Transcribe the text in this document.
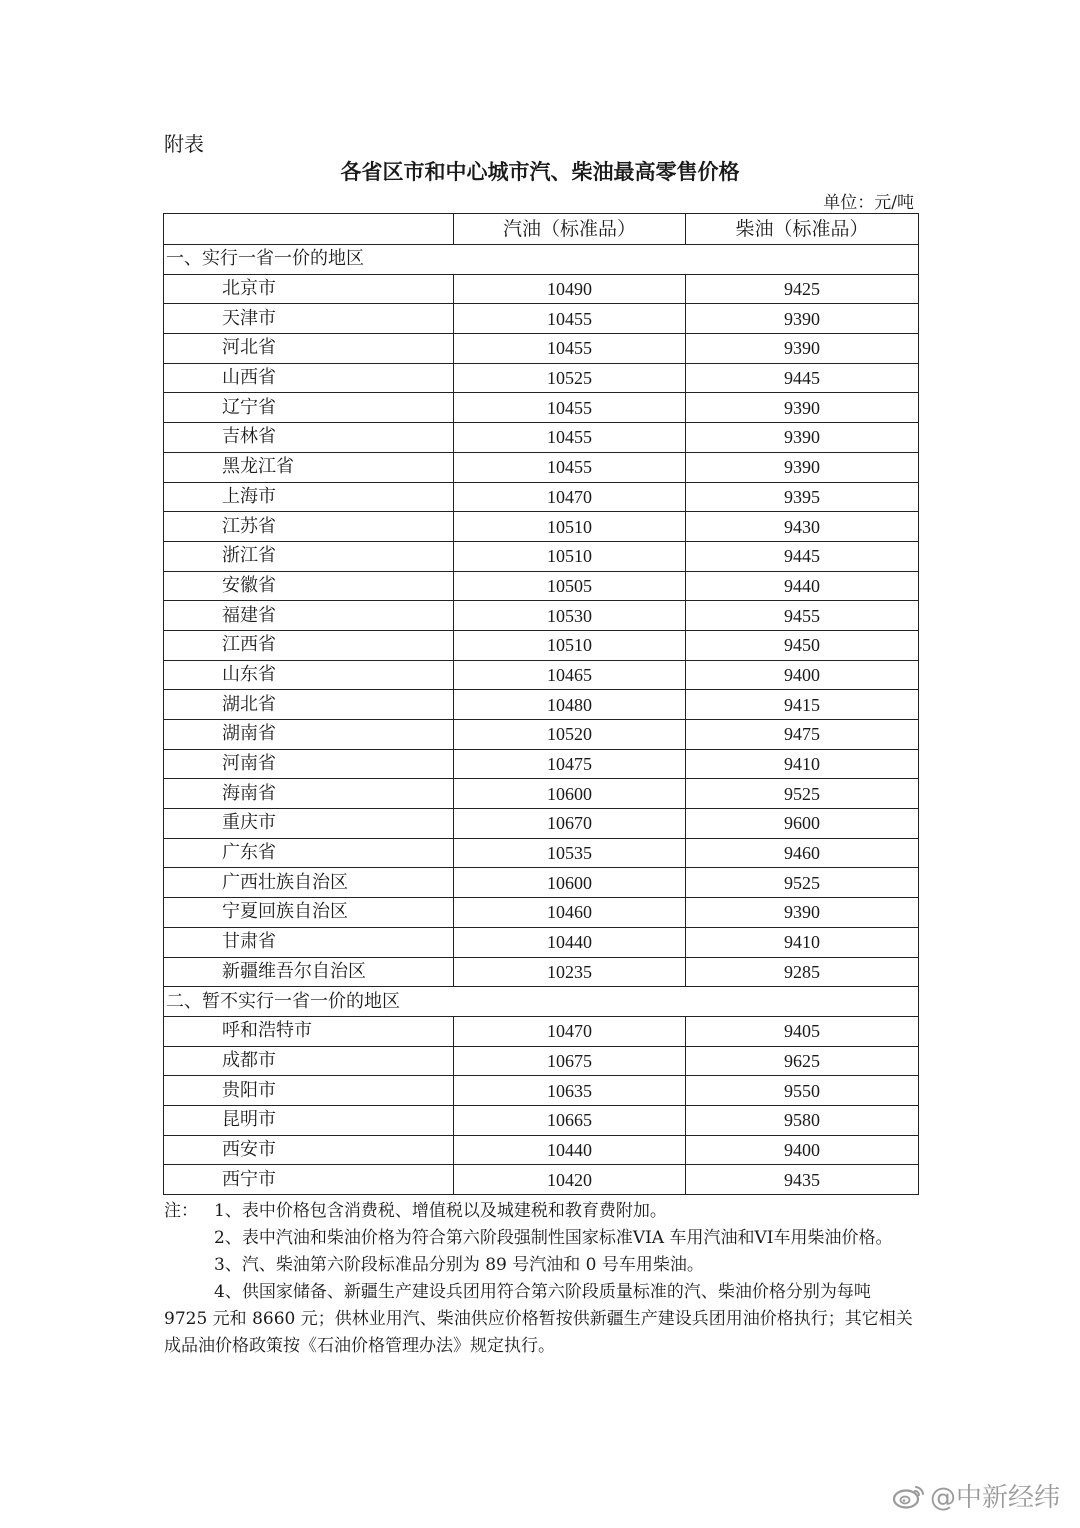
附表
各省区市和中心城市汽、柴油最高零售价格
单位：元/吨
	汽油（标准品）	柴油（标准品）
一、实行一省一价的地区		
北京市	10490	9425
天津市	10455	9390
河北省	10455	9390
山西省	10525	9445
辽宁省	10455	9390
吉林省	10455	9390
黑龙江省	10455	9390
上海市	10470	9395
江苏省	10510	9430
浙江省	10510	9445
安徽省	10505	9440
福建省	10530	9455
江西省	10510	9450
山东省	10465	9400
湖北省	10480	9415
湖南省	10520	9475
河南省	10475	9410
海南省	10600	9525
重庆市	10670	9600
广东省	10535	9460
广西壮族自治区	10600	9525
宁夏回族自治区	10460	9390
甘肃省	10440	9410
新疆维吾尔自治区	10235	9285
二、暂不实行一省一价的地区		
呼和浩特市	10470	9405
成都市	10675	9625
贵阳市	10635	9550
昆明市	10665	9580
西安市	10440	9400
西宁市	10420	9435
注： 1、表中价格包含消费税、增值税以及城建税和教育费附加。

2、表中汽油和柴油价格为符合第六阶段强制性国家标准VIA 车用汽油和VI车用柴油价格。

3、汽、柴油第六阶段标准品分别为 89 号汽油和 0 号车用柴油。

4、供国家储备、新疆生产建设兵团用符合第六阶段质量标准的汽、柴油价格分别为每吨 9725 元和 8660 元；供林业用汽、柴油供应价格暂按供新疆生产建设兵团用油价格执行；其它相关成品油价格政策按《石油价格管理办法》规定执行。

@中新经纬
